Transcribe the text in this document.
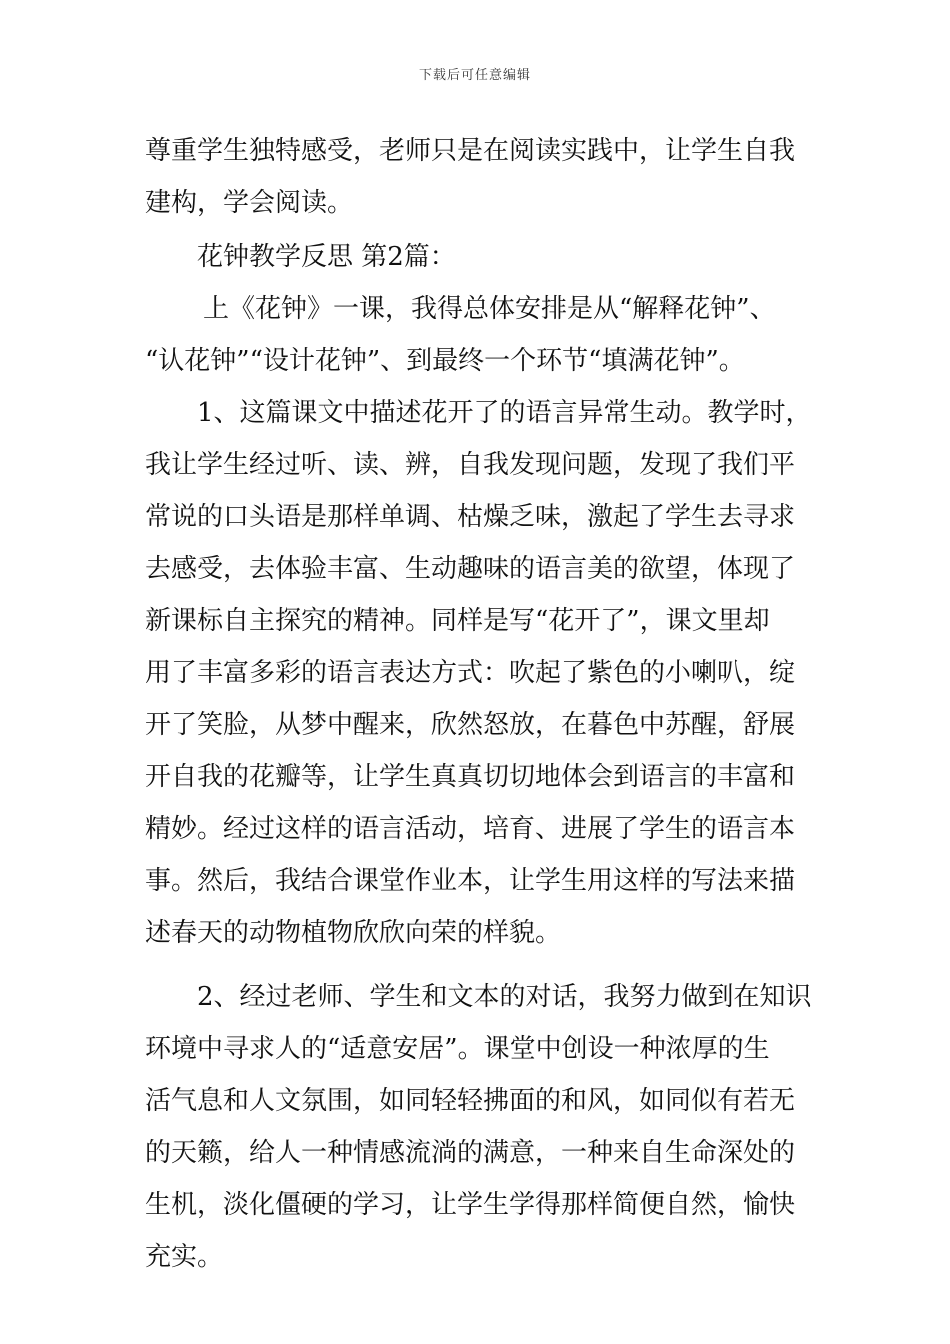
下载后可任意编辑
尊重学生独特感受，老师只是在阅读实践中，让学生自我
建构，学会阅读。
花钟教学反思 第2篇：
上《花钟》一课，我得总体安排是从“解释花钟”、
“认花钟”“设计花钟”、到最终一个环节“填满花钟”。
1、这篇课文中描述花开了的语言异常生动。教学时，
我让学生经过听、读、辨，自我发现问题，发现了我们平
常说的口头语是那样单调、枯燥乏味，激起了学生去寻求
去感受，去体验丰富、生动趣味的语言美的欲望，体现了
新课标自主探究的精神。同样是写“花开了”，课文里却
用了丰富多彩的语言表达方式：吹起了紫色的小喇叭，绽
开了笑脸，从梦中醒来，欣然怒放，在暮色中苏醒，舒展
开自我的花瓣等，让学生真真切切地体会到语言的丰富和
精妙。经过这样的语言活动，培育、进展了学生的语言本
事。然后，我结合课堂作业本，让学生用这样的写法来描
述春天的动物植物欣欣向荣的样貌。
2、经过老师、学生和文本的对话，我努力做到在知识
环境中寻求人的“适意安居”。课堂中创设一种浓厚的生
活气息和人文氛围，如同轻轻拂面的和风，如同似有若无
的天籁，给人一种情感流淌的满意，一种来自生命深处的
生机，淡化僵硬的学习，让学生学得那样简便自然，愉快
充实。
